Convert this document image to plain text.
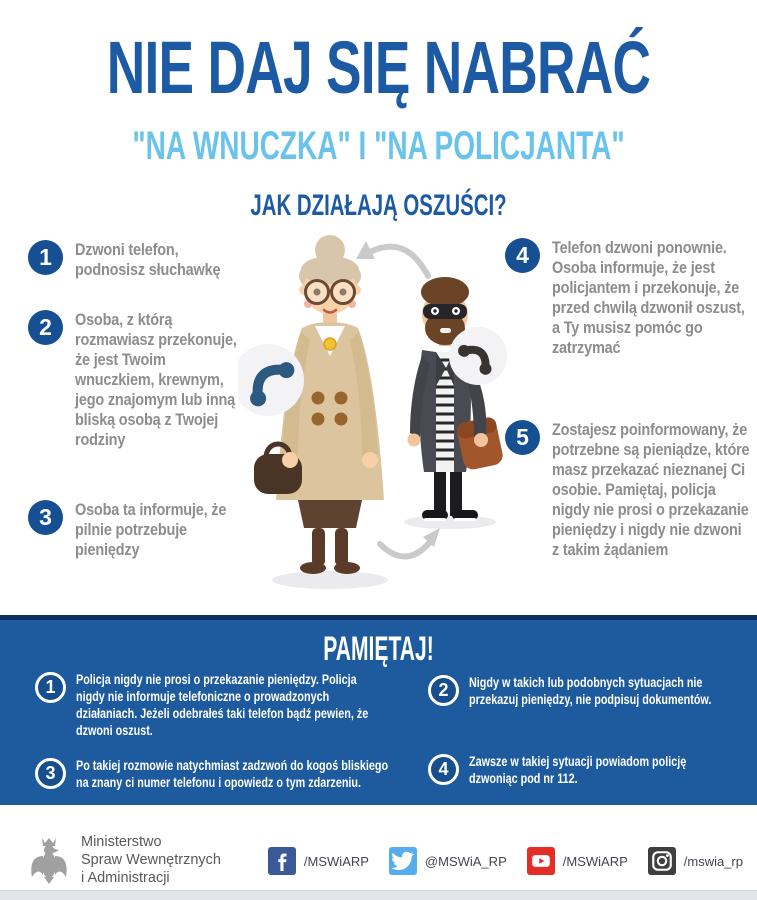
NIE DAJ SIĘ NABRAĆ
"NA WNUCZKA" I "NA POLICJANTA"
JAK DZIAŁAJĄ OSZUŚCI?
1 Dzwoni telefon, podnosisz słuchawkę
2 Osoba, z którą rozmawiasz przekonuje, że jest Twoim wnuczkiem, krewnym, jego znajomym lub inną bliską osobą z Twojej rodziny
3 Osoba ta informuje, że pilnie potrzebuje pieniędzy
4 Telefon dzwoni ponownie. Osoba informuje, że jest policjantem i przekonuje, że przed chwilą dzwonił oszust, a Ty musisz pomóc go zatrzymać
5 Zostajesz poinformowany, że potrzebne są pieniądze, które masz przekazać nieznanej Ci osobie. Pamiętaj, policja nigdy nie prosi o przekazanie pieniędzy i nigdy nie dzwoni z takim żądaniem
PAMIĘTAJ!
1 Policja nigdy nie prosi o przekazanie pieniędzy. Policja nigdy nie informuje telefoniczne o prowadzonych działaniach. Jeżeli odebrałeś taki telefon bądź pewien, że dzwoni oszust.
2 Nigdy w takich lub podobnych sytuacjach nie przekazuj pieniędzy, nie podpisuj dokumentów.
3 Po takiej rozmowie natychmiast zadzwoń do kogoś bliskiego na znany ci numer telefonu i opowiedz o tym zdarzeniu.
4 Zawsze w takiej sytuacji powiadom policję dzwoniąc pod nr 112.
Ministerstwo
Spraw Wewnętrznych
i Administracji
/MSWiARP	@MSWiA_RP	/MSWiARP	/mswia_rp
